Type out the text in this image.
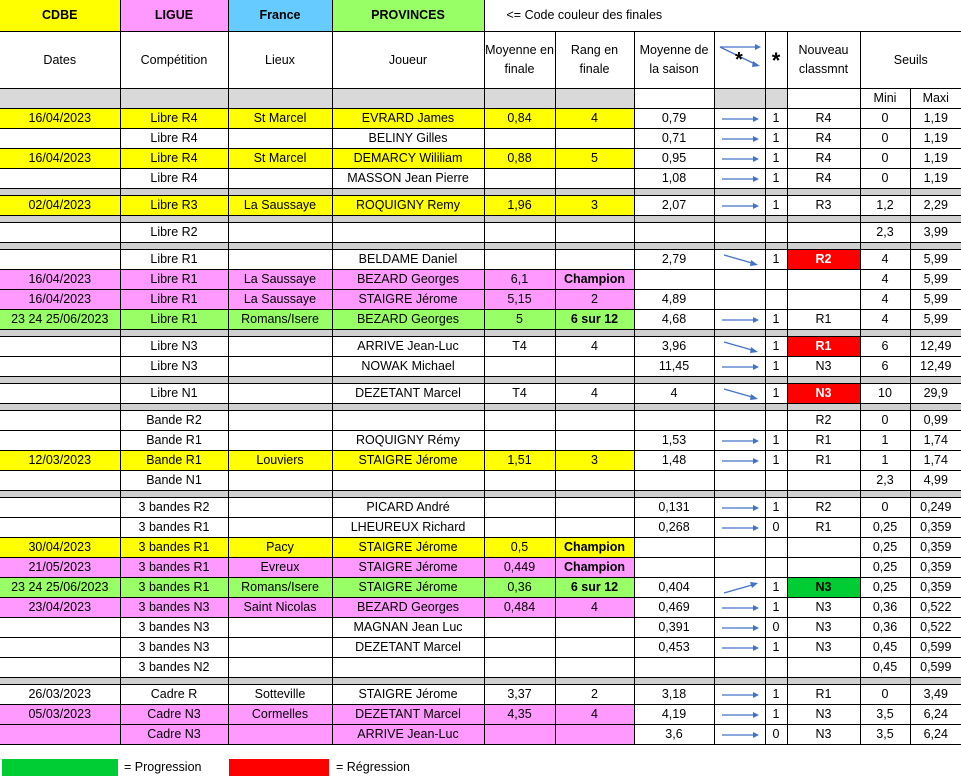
CDBE	LIGUE	France	PROVINCES	<= Code couleur des finales							
Dates	Compétition	Lieux	Joueur	Moyenne en finale	Rang en finale	Moyenne de la saison	*	*	Nouveau classmnt	Seuils	
										Mini	Maxi
16/04/2023	Libre R4	St Marcel	EVRARD James	0,84	4	0,79		1	R4	0	1,19
	Libre R4		BELINY Gilles			0,71		1	R4	0	1,19
16/04/2023	Libre R4	St Marcel	DEMARCY Wililiam	0,88	5	0,95		1	R4	0	1,19
	Libre R4		MASSON Jean Pierre			1,08		1	R4	0	1,19

02/04/2023	Libre R3	La Saussaye	ROQUIGNY Remy	1,96	3	2,07		1	R3	1,2	2,29

	Libre R2									2,3	3,99

	Libre R1		BELDAME Daniel			2,79		1	R2	4	5,99
16/04/2023	Libre R1	La Saussaye	BEZARD Georges	6,1	Champion					4	5,99
16/04/2023	Libre R1	La Saussaye	STAIGRE Jérome	5,15	2	4,89				4	5,99
23 24 25/06/2023	Libre R1	Romans/Isere	BEZARD Georges	5	6 sur 12	4,68		1	R1	4	5,99

	Libre N3		ARRIVE Jean-Luc	T4	4	3,96		1	R1	6	12,49
	Libre N3		NOWAK Michael			11,45		1	N3	6	12,49

	Libre N1		DEZETANT Marcel	T4	4	4		1	N3	10	29,9

	Bande R2								R2	0	0,99
	Bande R1		ROQUIGNY Rémy			1,53		1	R1	1	1,74
12/03/2023	Bande R1	Louviers	STAIGRE Jérome	1,51	3	1,48		1	R1	1	1,74
	Bande N1									2,3	4,99

	3 bandes R2		PICARD André			0,131		1	R2	0	0,249
	3 bandes R1		LHEUREUX Richard			0,268		0	R1	0,25	0,359
30/04/2023	3 bandes R1	Pacy	STAIGRE Jérome	0,5	Champion					0,25	0,359
21/05/2023	3 bandes R1	Evreux	STAIGRE Jérome	0,449	Champion					0,25	0,359
23 24 25/06/2023	3 bandes R1	Romans/Isere	STAIGRE Jérome	0,36	6 sur 12	0,404		1	N3	0,25	0,359
23/04/2023	3 bandes N3	Saint Nicolas	BEZARD Georges	0,484	4	0,469		1	N3	0,36	0,522
	3 bandes N3		MAGNAN Jean Luc			0,391		0	N3	0,36	0,522
	3 bandes N3		DEZETANT Marcel			0,453		1	N3	0,45	0,599
	3 bandes N2									0,45	0,599

26/03/2023	Cadre R	Sotteville	STAIGRE Jérome	3,37	2	3,18		1	R1	0	3,49
05/03/2023	Cadre N3	Cormelles	DEZETANT Marcel	4,35	4	4,19		1	N3	3,5	6,24
	Cadre N3		ARRIVE Jean-Luc			3,6		0	N3	3,5	6,24
= Progression	= Régression
